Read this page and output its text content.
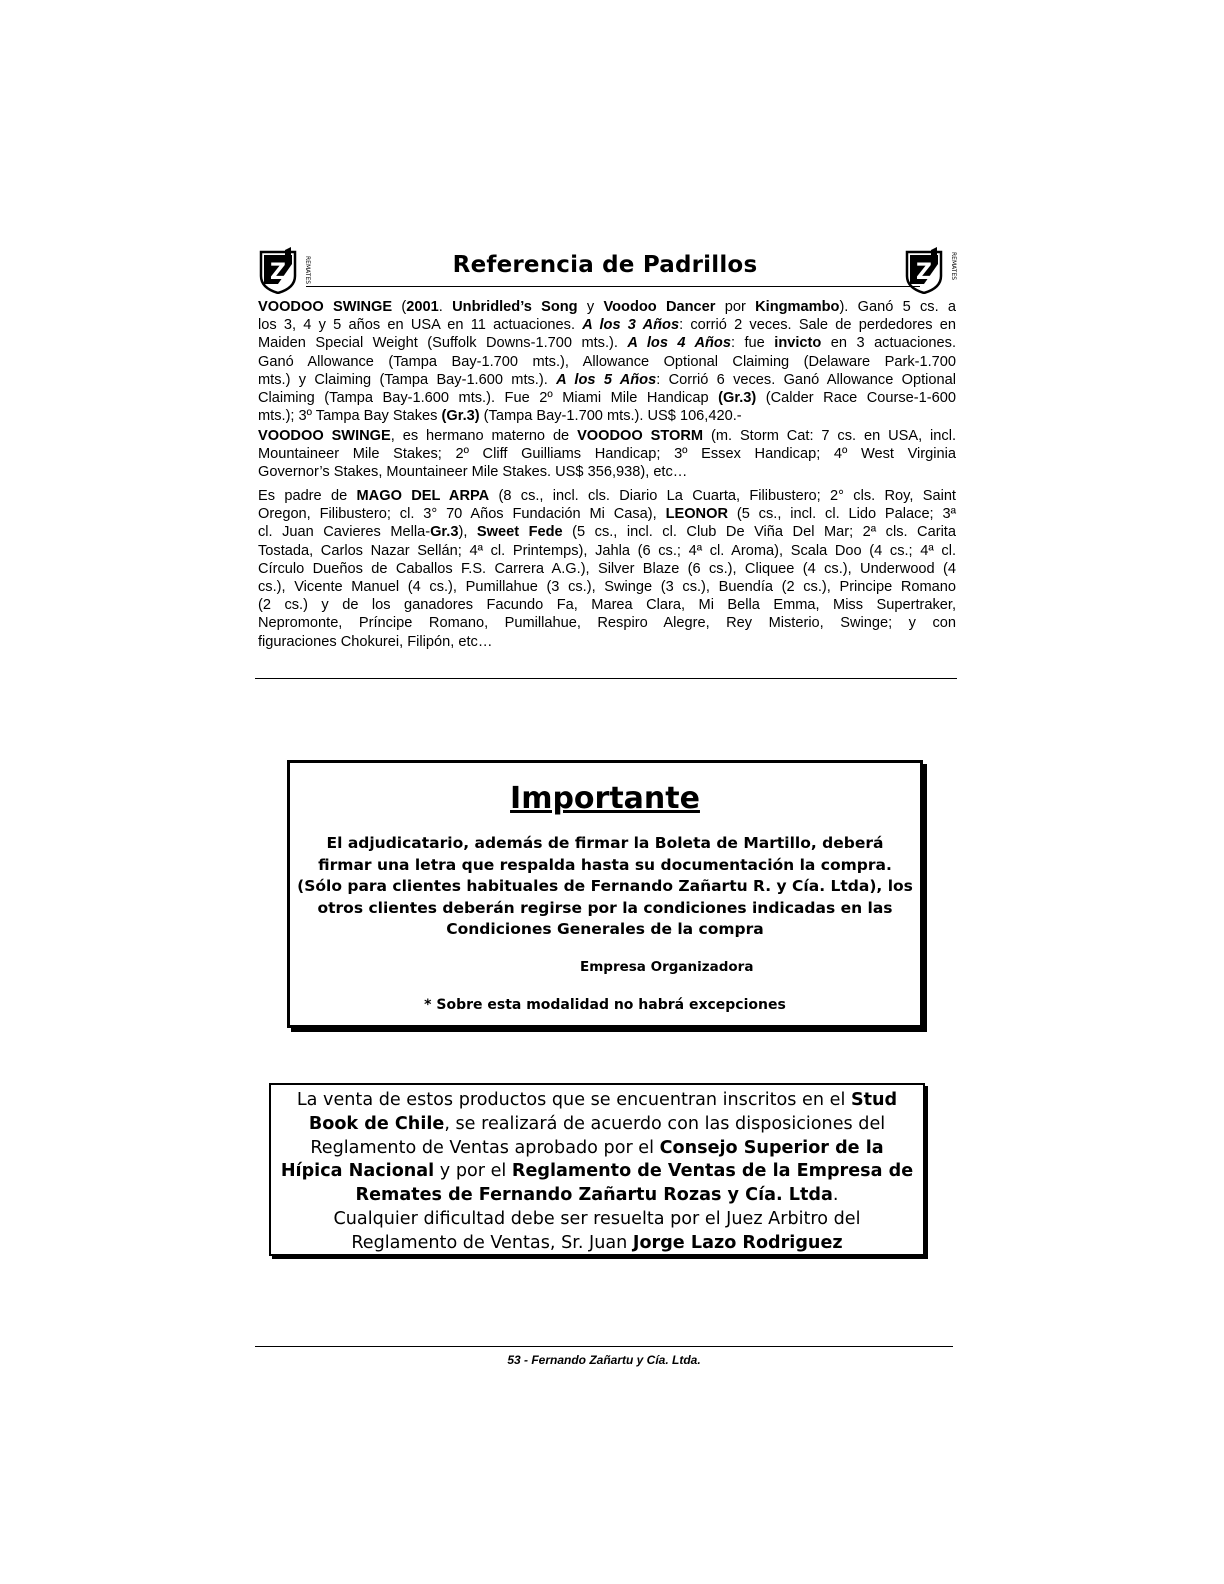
Z	REMATES	Z	REMATES
Referencia de Padrillos
VOODOO SWINGE (2001. Unbridled’s Song y Voodoo Dancer por Kingmambo). Ganó 5 cs. a
los 3, 4 y 5 años en USA en 11 actuaciones. A los 3 Años: corrió 2 veces. Sale de perdedores en
Maiden Special Weight (Suffolk Downs-1.700 mts.). A los 4 Años: fue invicto en 3 actuaciones.
Ganó Allowance (Tampa Bay-1.700 mts.), Allowance Optional Claiming (Delaware Park-1.700
mts.) y Claiming (Tampa Bay-1.600 mts.). A los 5 Años: Corrió 6 veces. Ganó Allowance Optional
Claiming (Tampa Bay-1.600 mts.). Fue 2º Miami Mile Handicap (Gr.3) (Calder Race Course-1-600
mts.); 3º Tampa Bay Stakes (Gr.3) (Tampa Bay-1.700 mts.). US$ 106,420.-
VOODOO SWINGE, es hermano materno de VOODOO STORM (m. Storm Cat: 7 cs. en USA, incl.
Mountaineer Mile Stakes; 2º Cliff Guilliams Handicap; 3º Essex Handicap; 4º West Virginia
Governor’s Stakes, Mountaineer Mile Stakes. US$ 356,938), etc…
Es padre de MAGO DEL ARPA (8 cs., incl. cls. Diario La Cuarta, Filibustero; 2° cls. Roy, Saint
Oregon, Filibustero; cl. 3° 70 Años Fundación Mi Casa), LEONOR (5 cs., incl. cl. Lido Palace; 3ª
cl. Juan Cavieres Mella-Gr.3), Sweet Fede (5 cs., incl. cl. Club De Viña Del Mar; 2ª cls. Carita
Tostada, Carlos Nazar Sellán; 4ª cl. Printemps), Jahla (6 cs.; 4ª cl. Aroma), Scala Doo (4 cs.; 4ª cl.
Círculo Dueños de Caballos F.S. Carrera A.G.), Silver Blaze (6 cs.), Cliquee (4 cs.), Underwood (4
cs.), Vicente Manuel (4 cs.), Pumillahue (3 cs.), Swinge (3 cs.), Buendía (2 cs.), Principe Romano
(2 cs.) y de los ganadores Facundo Fa, Marea Clara, Mi Bella Emma, Miss Supertraker,
Nepromonte, Príncipe Romano, Pumillahue, Respiro Alegre, Rey Misterio, Swinge; y con
figuraciones Chokurei, Filipón, etc…
Importante
El adjudicatario, además de firmar la Boleta de Martillo, deberá
firmar una letra que respalda hasta su documentación la compra.
(Sólo para clientes habituales de Fernando Zañartu R. y Cía. Ltda), los
otros clientes deberán regirse por la condiciones indicadas en las
Condiciones Generales de la compra
Empresa Organizadora
* Sobre esta modalidad no habrá excepciones
La venta de estos productos que se encuentran inscritos en el Stud
Book de Chile, se realizará de acuerdo con las disposiciones del
Reglamento de Ventas aprobado por el Consejo Superior de la
Hípica Nacional y por el Reglamento de Ventas de la Empresa de
Remates de Fernando Zañartu Rozas y Cía. Ltda.
Cualquier dificultad debe ser resuelta por el Juez Arbitro del
Reglamento de Ventas, Sr. Juan Jorge Lazo Rodriguez
53 - Fernando Zañartu y Cía. Ltda.
